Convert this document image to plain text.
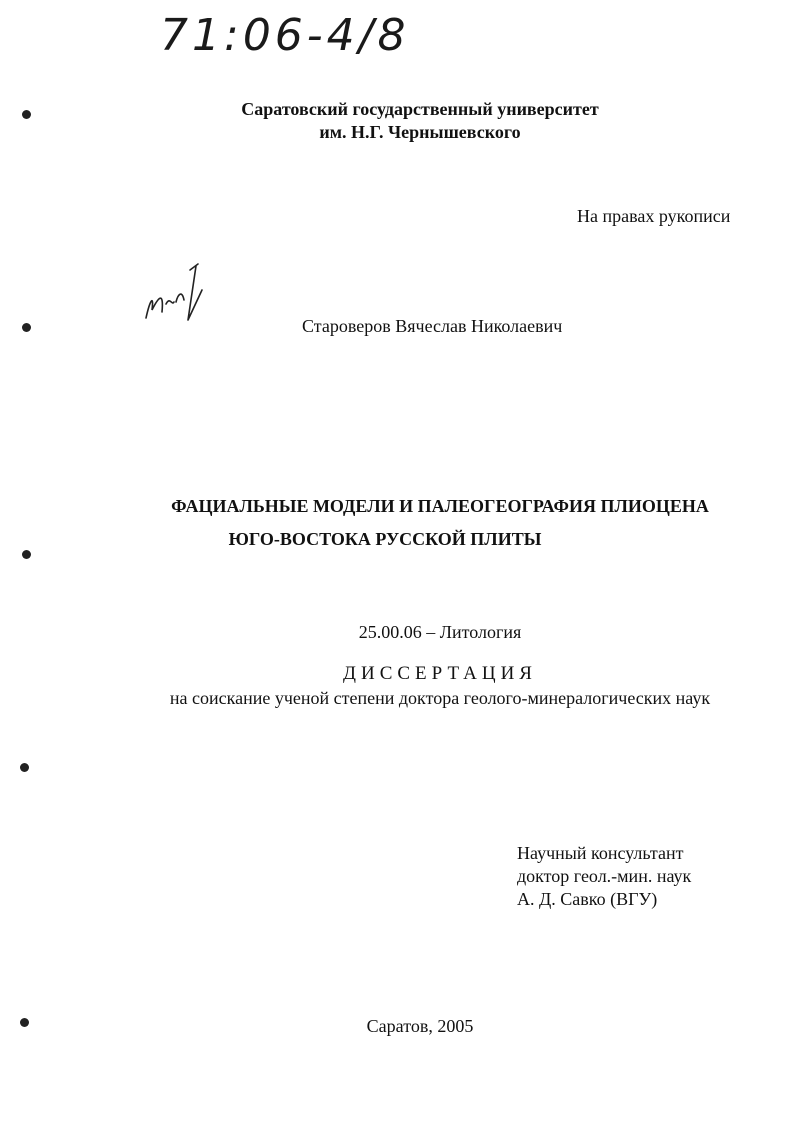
71:06-4/8
Саратовский государственный университет
им. Н.Г. Чернышевского
На правах рукописи
Вън
Староверов Вячеслав Николаевич
ФАЦИАЛЬНЫЕ МОДЕЛИ И ПАЛЕОГЕОГРАФИЯ ПЛИОЦЕНА
ЮГО-ВОСТОКА РУССКОЙ ПЛИТЫ
25.00.06 – Литология
ДИССЕРТАЦИЯ
на соискание ученой степени доктора геолого-минералогических наук
Научный консультант
доктор геол.-мин. наук
А. Д. Савко (ВГУ)
Саратов, 2005
